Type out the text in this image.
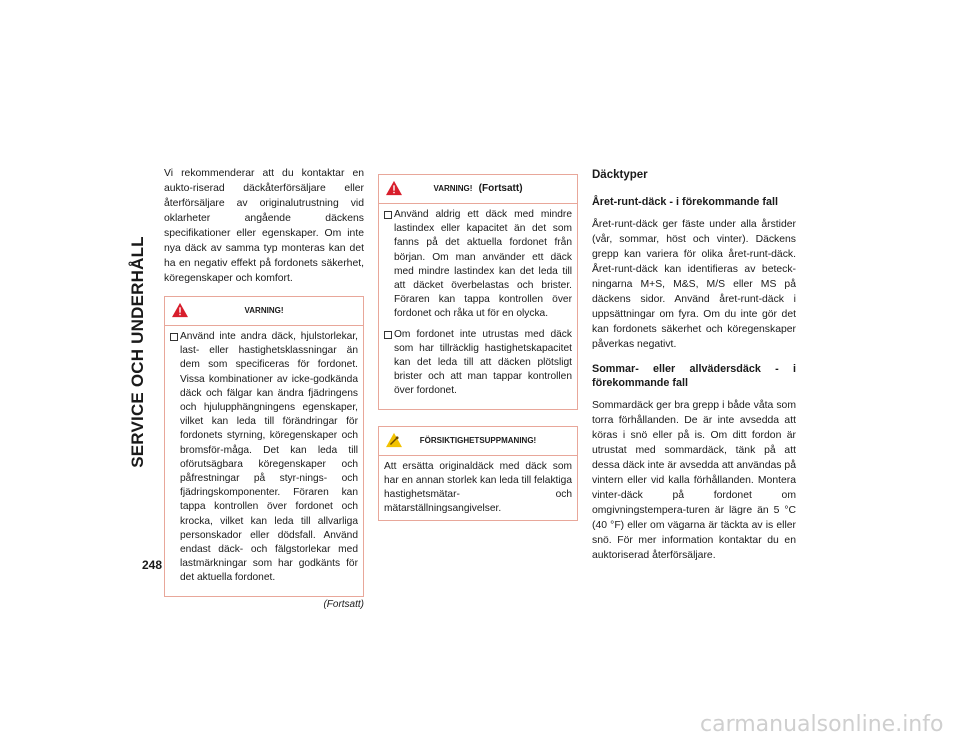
SERVICE OCH UNDERHÅLL
248

Vi rekommenderar att du kontaktar en aukto-riserad däckåterförsäljare eller återförsäljare av originalutrustning vid oklarheter angående däckens specifikationer eller egenskaper. Om inte nya däck av samma typ monteras kan det ha en negativ effekt på fordonets säkerhet, köregenskaper och komfort.

VARNING!
Använd inte andra däck, hjulstorlekar, last- eller hastighetsklassningar än dem som specificeras för fordonet. Vissa kombinationer av icke-godkända däck och fälgar kan ändra fjädringens och hjulupphängningens egenskaper, vilket kan leda till förändringar för fordonets styrning, köregenskaper och bromsför-måga. Det kan leda till oförutsägbara köregenskaper och påfrestningar på styr-nings- och fjädringskomponenter. Föraren kan tappa kontrollen över fordonet och krocka, vilket kan leda till allvarliga personskador eller dödsfall. Använd endast däck- och fälgstorlekar med lastmärkningar som har godkänts för det aktuella fordonet.
(Fortsatt)
VARNING! (Fortsatt)
Använd aldrig ett däck med mindre lastindex eller kapacitet än det som fanns på det aktuella fordonet från början. Om man använder ett däck med mindre lastindex kan det leda till att däcket överbelastas och brister. Föraren kan tappa kontrollen över fordonet och råka ut för en olycka.
Om fordonet inte utrustas med däck som har tillräcklig hastighetskapacitet kan det leda till att däcken plötsligt brister och att man tappar kontrollen över fordonet.
FÖRSIKTIGHETSUPPMANING!
Att ersätta originaldäck med däck som har en annan storlek kan leda till felaktiga hastighetsmätar- och mätarställningsangivelser.
Däcktyper
Året-runt-däck - i förekommande fall

Året-runt-däck ger fäste under alla årstider (vår, sommar, höst och vinter). Däckens grepp kan variera för olika året-runt-däck. Året-runt-däck kan identifieras av beteck-ningarna M+S, M&S, M/S eller MS på däckens sidor. Använd året-runt-däck i uppsättningar om fyra. Om du inte gör det kan fordonets säkerhet och köregenskaper påverkas negativt.

Sommar- eller allvädersdäck - i förekommande fall

Sommardäck ger bra grepp i både våta som torra förhållanden. De är inte avsedda att köras i snö eller på is. Om ditt fordon är utrustat med sommardäck, tänk på att dessa däck inte är avsedda att användas på vintern eller vid kalla förhållanden. Montera vinter-däck på fordonet om omgivningstempera-turen är lägre än 5 °C (40 °F) eller om vägarna är täckta av is eller snö. För mer information kontaktar du en auktoriserad återförsäljare.

carmanualsonline.info
